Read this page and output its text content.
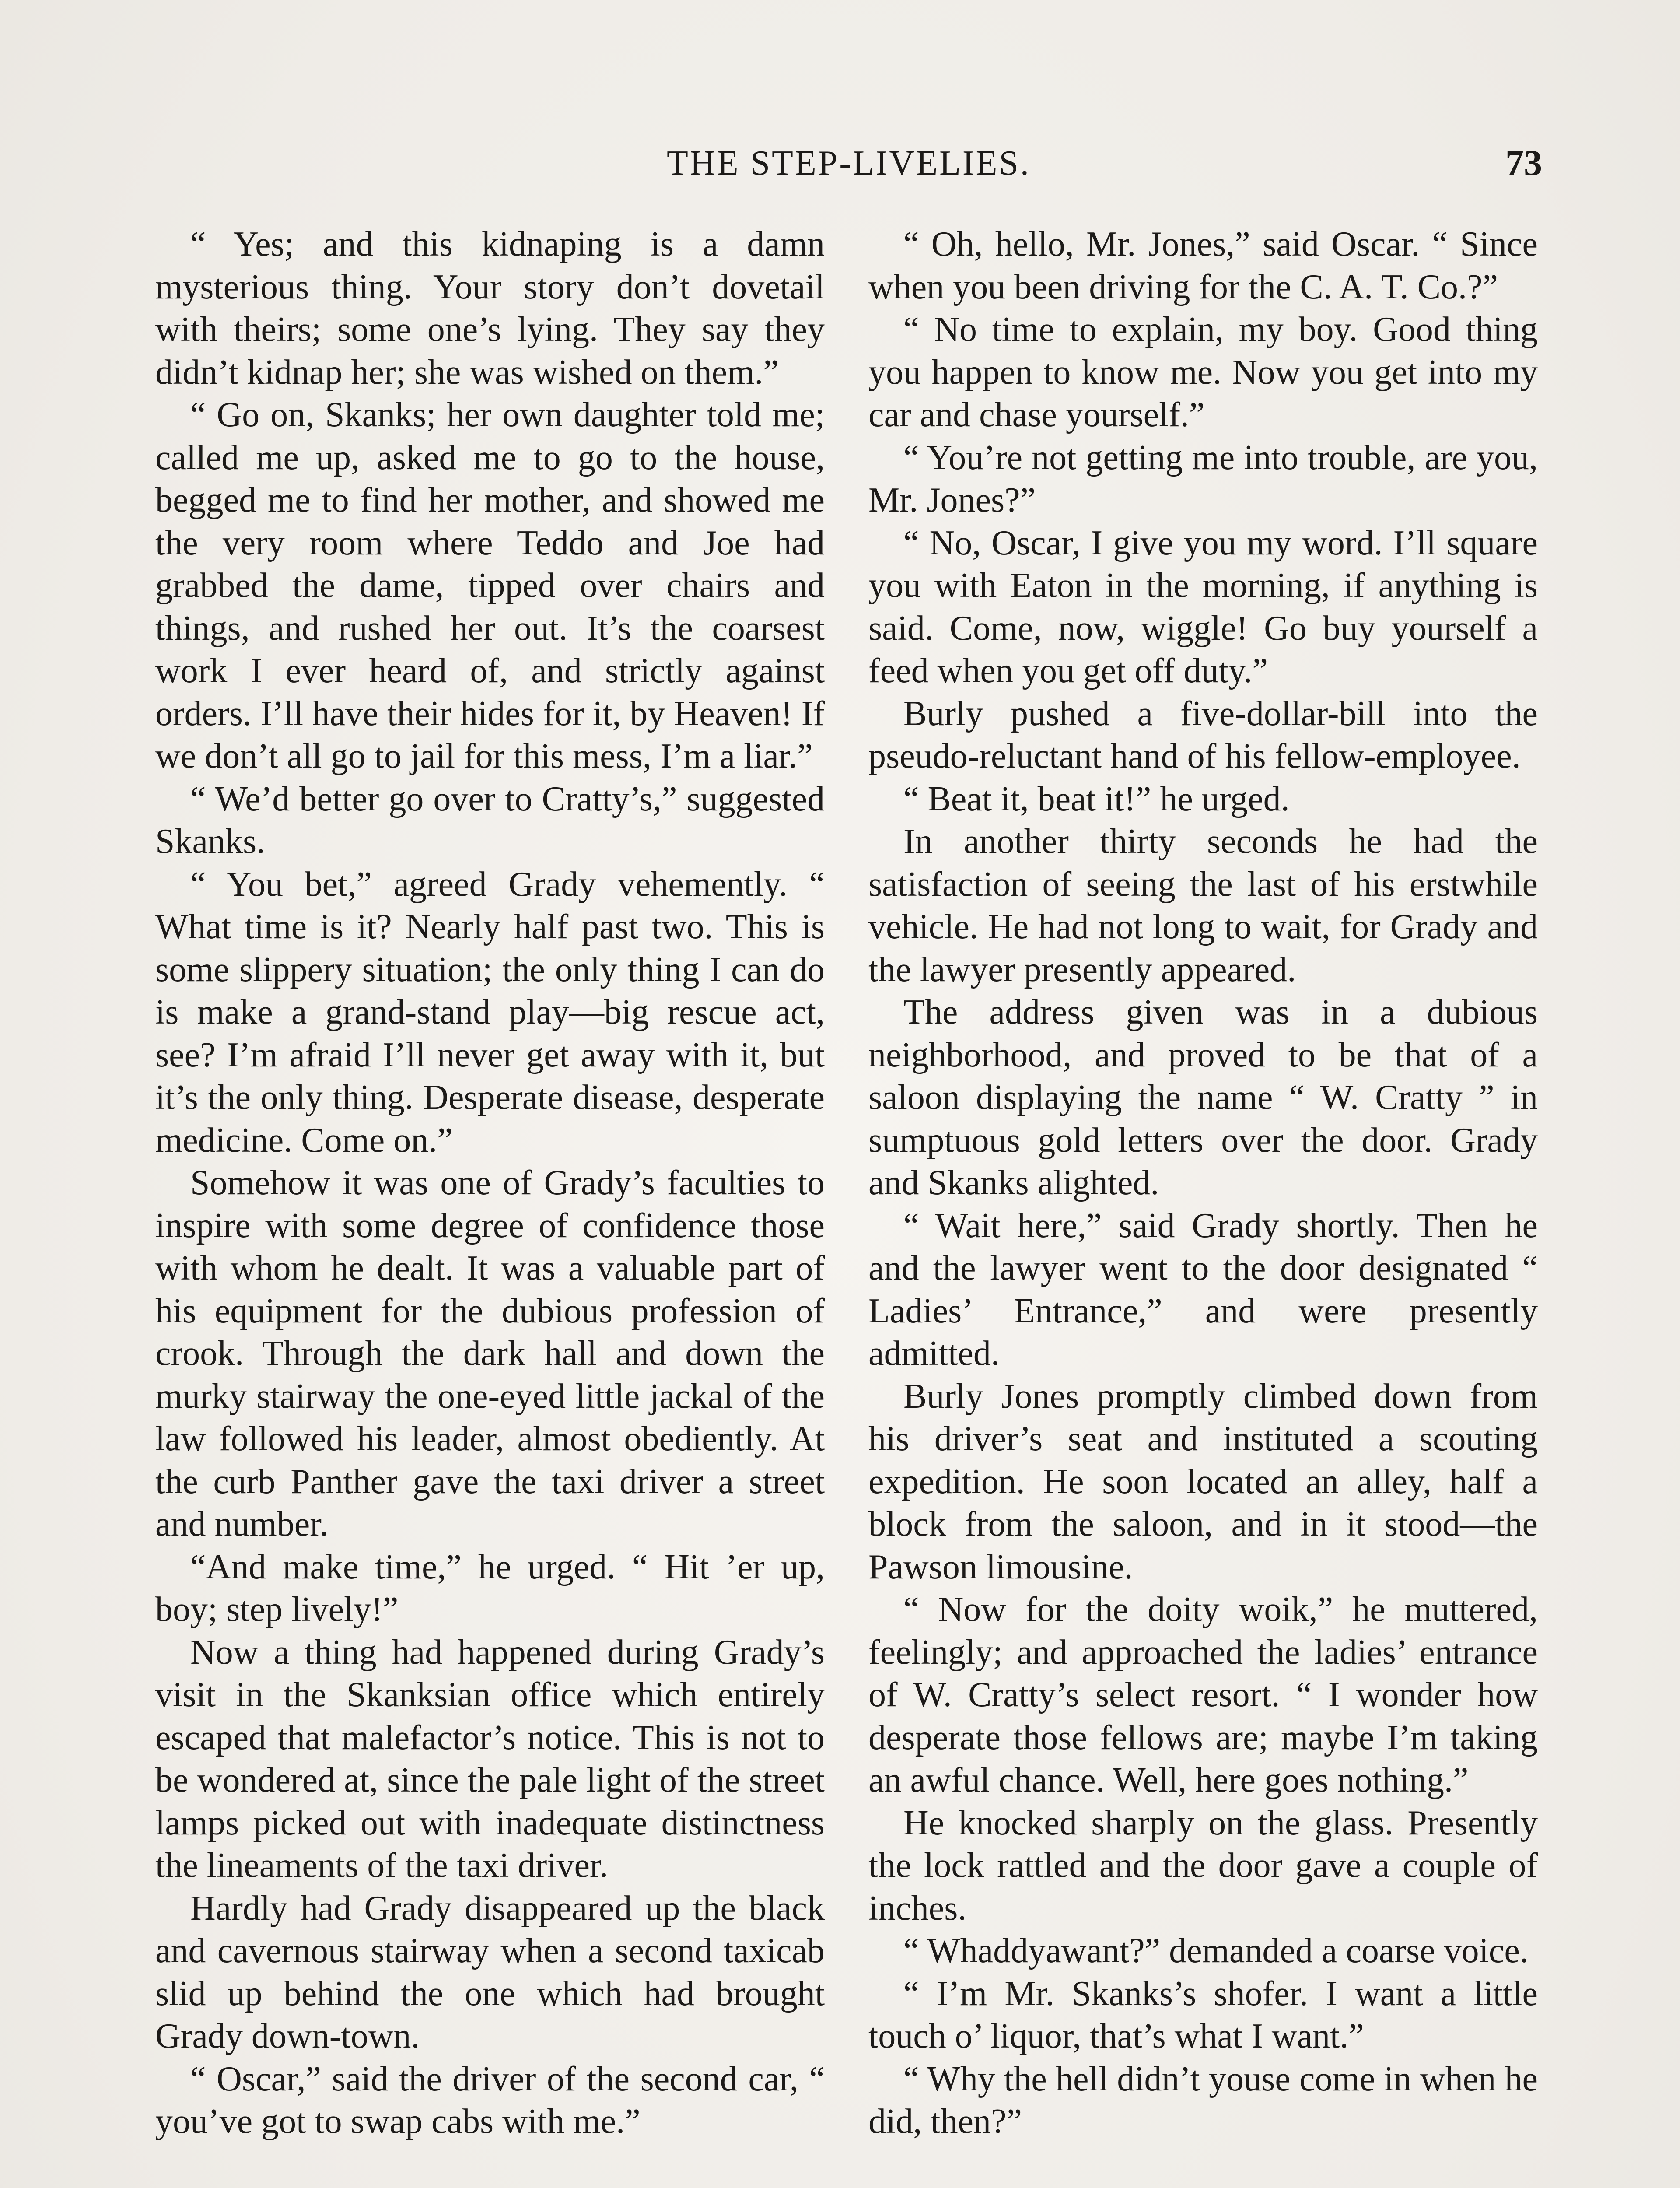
THE STEP-LIVELIES.	73

“ Yes; and this kidnaping is a damn mysterious thing. Your story don’t dovetail with theirs; some one’s lying. They say they didn’t kidnap her; she was wished on them.”

“ Go on, Skanks; her own daughter told me; called me up, asked me to go to the house, begged me to find her mother, and showed me the very room where Teddo and Joe had grabbed the dame, tipped over chairs and things, and rushed her out. It’s the coarsest work I ever heard of, and strictly against orders. I’ll have their hides for it, by Heaven! If we don’t all go to jail for this mess, I’m a liar.”

“ We’d better go over to Cratty’s,” suggested Skanks.

“ You bet,” agreed Grady vehemently. “ What time is it? Nearly half past two. This is some slippery situation; the only thing I can do is make a grand-stand play—big rescue act, see? I’m afraid I’ll never get away with it, but it’s the only thing. Desperate disease, desperate medicine. Come on.”

Somehow it was one of Grady’s faculties to inspire with some degree of confidence those with whom he dealt. It was a valuable part of his equipment for the dubious profession of crook. Through the dark hall and down the murky stairway the one-eyed little jackal of the law followed his leader, almost obediently. At the curb Panther gave the taxi driver a street and number.

“And make time,” he urged. “ Hit ’er up, boy; step lively!”

Now a thing had happened during Grady’s visit in the Skanksian office which entirely escaped that malefactor’s notice. This is not to be wondered at, since the pale light of the street lamps picked out with inadequate distinctness the lineaments of the taxi driver.

Hardly had Grady disappeared up the black and cavernous stairway when a second taxicab slid up behind the one which had brought Grady down-town.

“ Oscar,” said the driver of the second car, “ you’ve got to swap cabs with me.”

“ Oh, hello, Mr. Jones,” said Oscar. “ Since when you been driving for the C. A. T. Co.?”

“ No time to explain, my boy. Good thing you happen to know me. Now you get into my car and chase yourself.”

“ You’re not getting me into trouble, are you, Mr. Jones?”

“ No, Oscar, I give you my word. I’ll square you with Eaton in the morning, if anything is said. Come, now, wiggle! Go buy yourself a feed when you get off duty.”

Burly pushed a five-dollar-bill into the pseudo-reluctant hand of his fellow-employee.

“ Beat it, beat it!” he urged.

In another thirty seconds he had the satisfaction of seeing the last of his erstwhile vehicle. He had not long to wait, for Grady and the lawyer presently appeared.

The address given was in a dubious neighborhood, and proved to be that of a saloon displaying the name “ W. Cratty ” in sumptuous gold letters over the door. Grady and Skanks alighted.

“ Wait here,” said Grady shortly. Then he and the lawyer went to the door designated “ Ladies’ Entrance,” and were presently admitted.

Burly Jones promptly climbed down from his driver’s seat and instituted a scouting expedition. He soon located an alley, half a block from the saloon, and in it stood—the Pawson limousine.

“ Now for the doity woik,” he muttered, feelingly; and approached the ladies’ entrance of W. Cratty’s select resort. “ I wonder how desperate those fellows are; maybe I’m taking an awful chance. Well, here goes nothing.”

He knocked sharply on the glass. Presently the lock rattled and the door gave a couple of inches.

“ Whaddyawant?” demanded a coarse voice.

“ I’m Mr. Skanks’s shofer. I want a little touch o’ liquor, that’s what I want.”

“ Why the hell didn’t youse come in when he did, then?”
